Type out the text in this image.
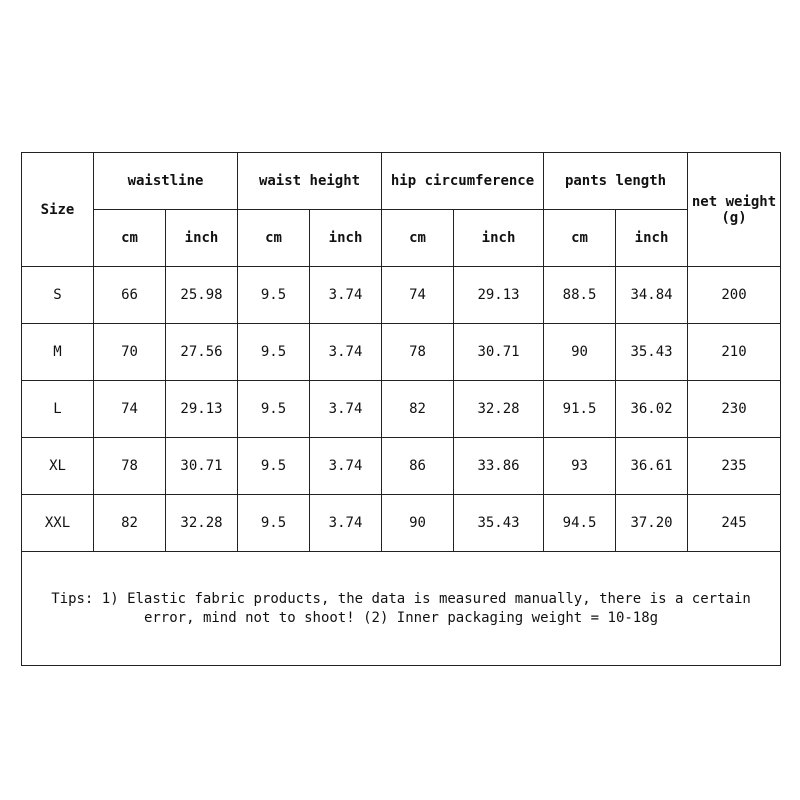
Size	waistline		waist height		hip circumference		pants length		net weight (g)
	cm	inch	cm	inch	cm	inch	cm	inch	
S	66	25.98	9.5	3.74	74	29.13	88.5	34.84	200
M	70	27.56	9.5	3.74	78	30.71	90	35.43	210
L	74	29.13	9.5	3.74	82	32.28	91.5	36.02	230
XL	78	30.71	9.5	3.74	86	33.86	93	36.61	235
XXL	82	32.28	9.5	3.74	90	35.43	94.5	37.20	245
Tips: 1) Elastic fabric products, the data is measured manually, there is a certain error, mind not to shoot! (2) Inner packaging weight = 10-18g									
